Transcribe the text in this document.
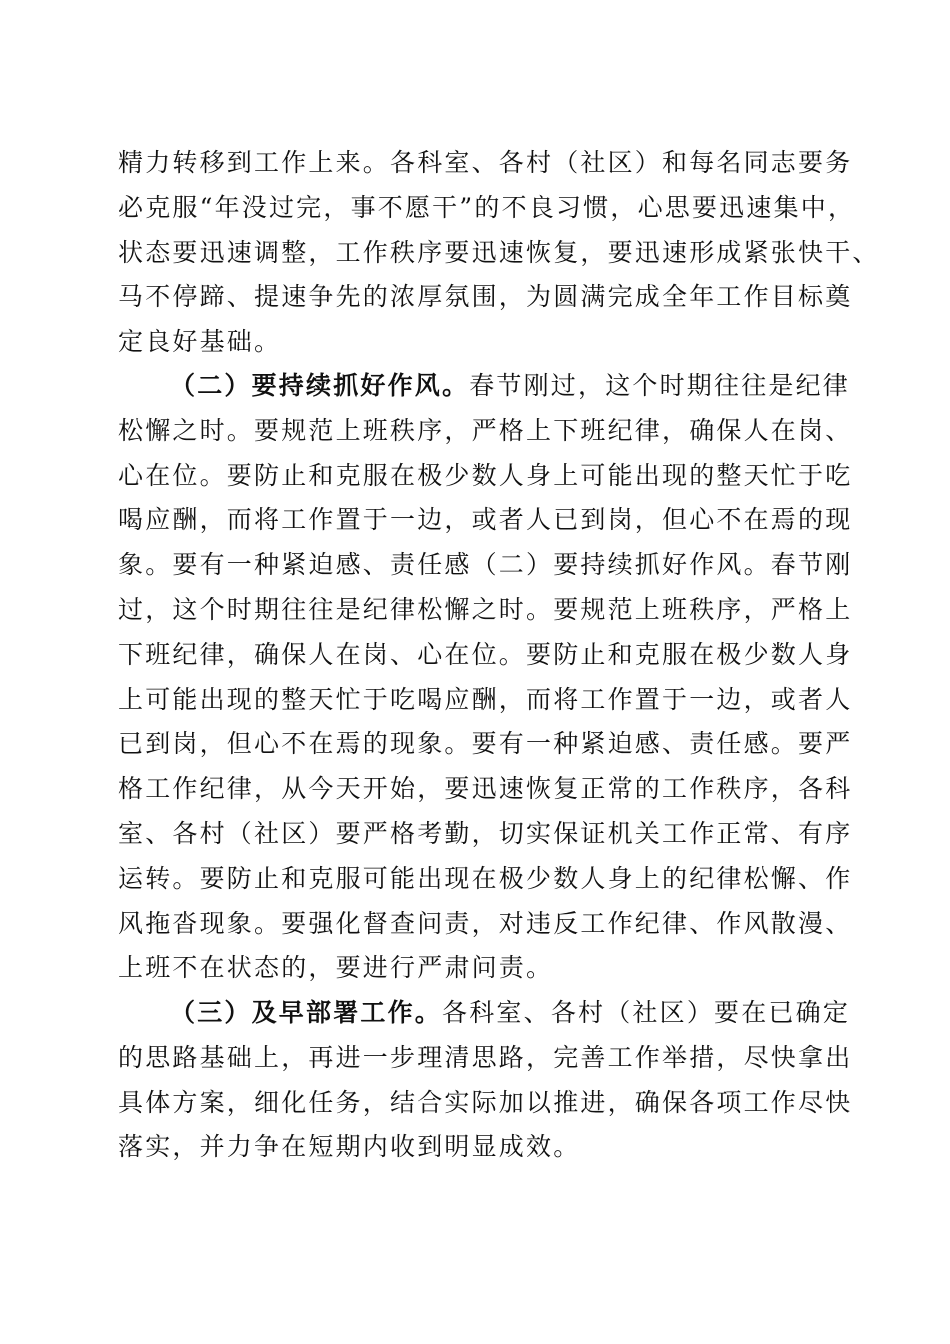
精力转移到工作上来。各科室、各村（社区）和每名同志要务
必克服“年没过完，事不愿干”的不良习惯，心思要迅速集中，
状态要迅速调整，工作秩序要迅速恢复，要迅速形成紧张快干、
马不停蹄、提速争先的浓厚氛围，为圆满完成全年工作目标奠
定良好基础。
（二）要持续抓好作风。春节刚过，这个时期往往是纪律
松懈之时。要规范上班秩序，严格上下班纪律，确保人在岗、
心在位。要防止和克服在极少数人身上可能出现的整天忙于吃
喝应酬，而将工作置于一边，或者人已到岗，但心不在焉的现
象。要有一种紧迫感、责任感（二）要持续抓好作风。春节刚
过，这个时期往往是纪律松懈之时。要规范上班秩序，严格上
下班纪律，确保人在岗、心在位。要防止和克服在极少数人身
上可能出现的整天忙于吃喝应酬，而将工作置于一边，或者人
已到岗，但心不在焉的现象。要有一种紧迫感、责任感。要严
格工作纪律，从今天开始，要迅速恢复正常的工作秩序，各科
室、各村（社区）要严格考勤，切实保证机关工作正常、有序
运转。要防止和克服可能出现在极少数人身上的纪律松懈、作
风拖沓现象。要强化督查问责，对违反工作纪律、作风散漫、
上班不在状态的，要进行严肃问责。
（三）及早部署工作。各科室、各村（社区）要在已确定
的思路基础上，再进一步理清思路，完善工作举措，尽快拿出
具体方案，细化任务，结合实际加以推进，确保各项工作尽快
落实，并力争在短期内收到明显成效。
